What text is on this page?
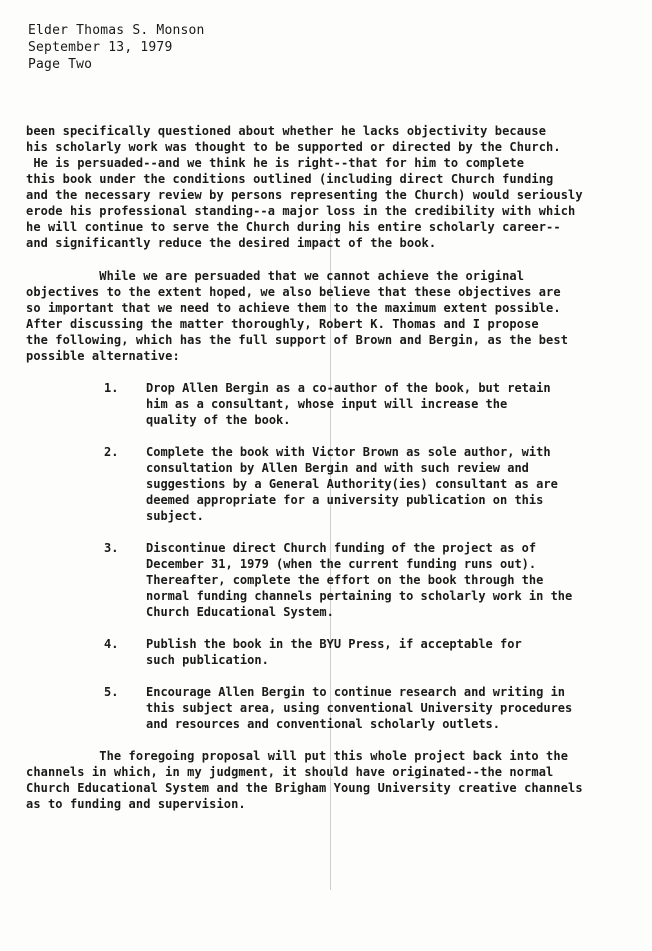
Elder Thomas S. Monson
September 13, 1979
Page Two
been specifically questioned about whether he lacks objectivity because
his scholarly work was thought to be supported or directed by the Church.
He is persuaded--and we think he is right--that for him to complete
this book under the conditions outlined (including direct Church funding
and the necessary review by persons representing the Church) would seriously
erode his professional standing--a major loss in the credibility with which
he will continue to serve the Church during his entire scholarly career--
and significantly reduce the desired impact of the book.
While we are persuaded that we cannot achieve the original
objectives to the extent hoped, we also believe that these objectives are
so important that we need to achieve them to the maximum extent possible.
After discussing the matter thoroughly, Robert K. Thomas and I propose
the following, which has the full support of Brown and Bergin, as the best
possible alternative:
1.	Drop Allen Bergin as a co-author of the book, but retain
him as a consultant, whose input will increase the
quality of the book.
2.	Complete the book with Victor Brown as sole author, with
consultation by Allen Bergin and with such review and
suggestions by a General Authority(ies) consultant as are
deemed appropriate for a university publication on this
subject.
3.	Discontinue direct Church funding of the project as of
December 31, 1979 (when the current funding runs out).
Thereafter, complete the effort on the book through the
normal funding channels pertaining to scholarly work in the
Church Educational System.
4.	Publish the book in the BYU Press, if acceptable for
such publication.
5.	Encourage Allen Bergin to continue research and writing in
this subject area, using conventional University procedures
and resources and conventional scholarly outlets.
The foregoing proposal will put this whole project back into the
channels in which, in my judgment, it should have originated--the normal
Church Educational System and the Brigham Young University creative channels
as to funding and supervision.
